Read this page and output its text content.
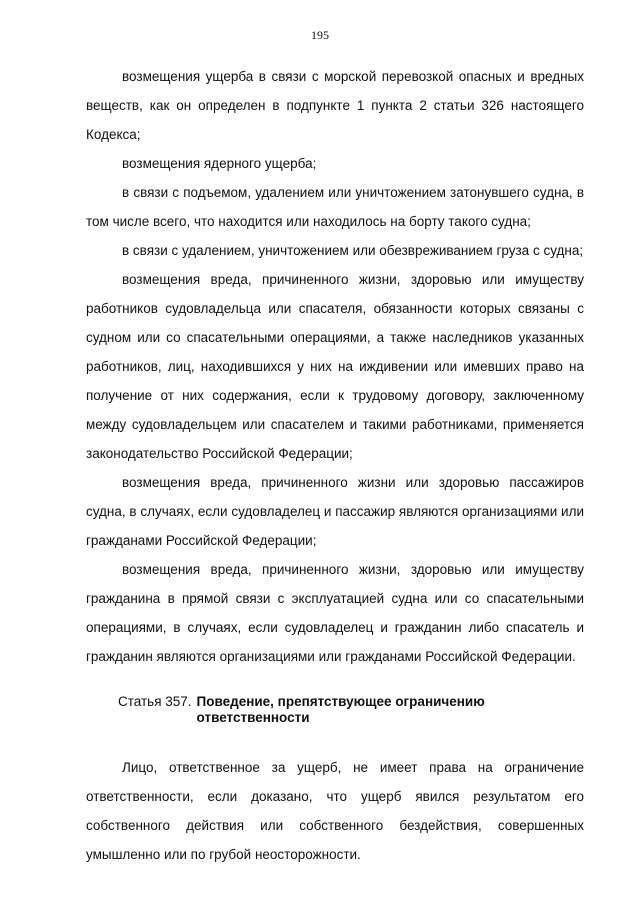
195

возмещения ущерба в связи с морской перевозкой опасных и вредных веществ, как он определен в подпункте 1 пункта 2 статьи 326 настоящего Кодекса;

возмещения ядерного ущерба;

в связи с подъемом, удалением или уничтожением затонувшего судна, в том числе всего, что находится или находилось на борту такого судна;

в связи с удалением, уничтожением или обезвреживанием груза с судна;

возмещения вреда, причиненного жизни, здоровью или имуществу работников судовладельца или спасателя, обязанности которых связаны с судном или со спасательными операциями, а также наследников указанных работников, лиц, находившихся у них на иждивении или имевших право на получение от них содержания, если к трудовому договору, заключенному между судовладельцем или спасателем и такими работниками, применяется законодательство Российской Федерации;

возмещения вреда, причиненного жизни или здоровью пассажиров судна, в случаях, если судовладелец и пассажир являются организациями или гражданами Российской Федерации;

возмещения вреда, причиненного жизни, здоровью или имуществу гражданина в прямой связи с эксплуатацией судна или со спасательными операциями, в случаях, если судовладелец и гражданин либо спасатель и гражданин являются организациями или гражданами Российской Федерации.

Статья 357. Поведение, препятствующее ограничению ответственности

Лицо, ответственное за ущерб, не имеет права на ограничение ответственности, если доказано, что ущерб явился результатом его собственного действия или собственного бездействия, совершенных умышленно или по грубой неосторожности.
